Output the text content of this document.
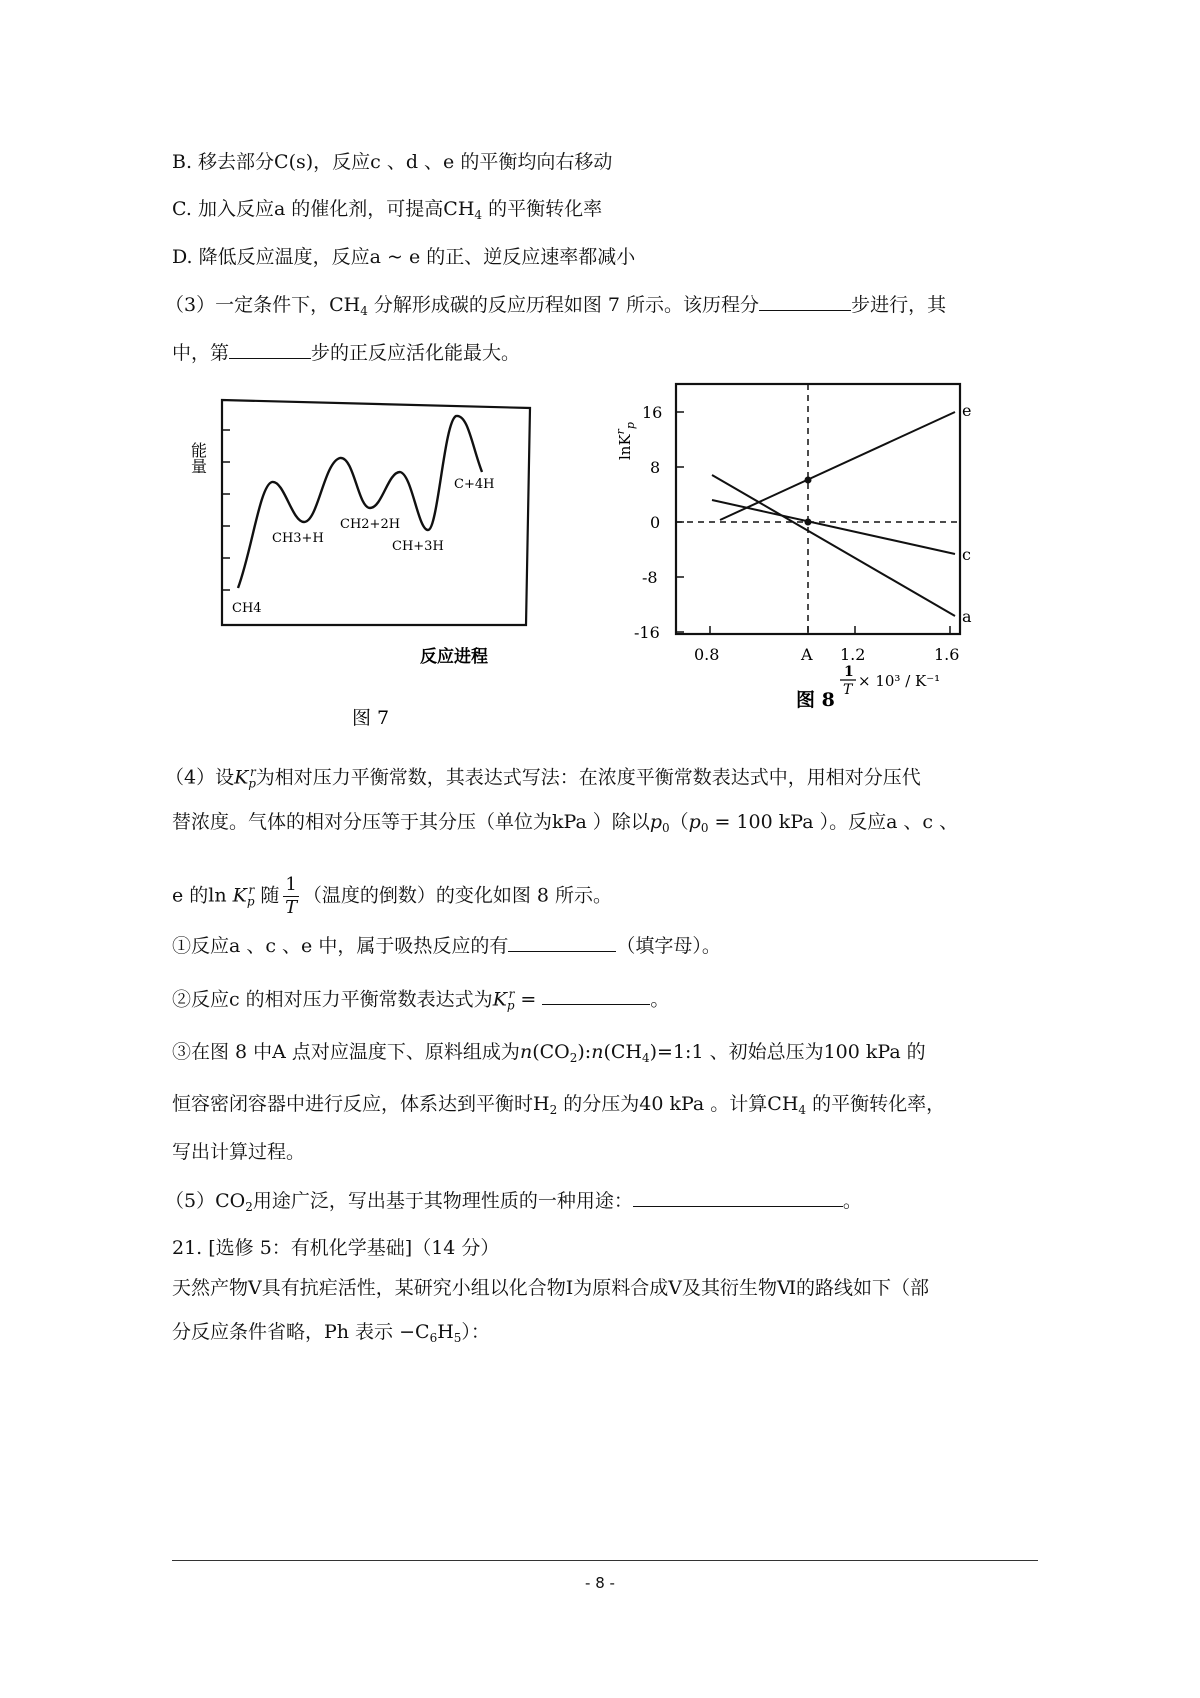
B. 移去部分C(s)，反应c 、d 、e 的平衡均向右移动
C. 加入反应a 的催化剂，可提高$CH_4$ 的平衡转化率
D. 降低反应温度，反应a ~ e 的正、逆反应速率都减小
（3）一定条件下，$CH_4$ 分解形成碳的反应历程如图 7 所示。该历程分	步进行，其
中，第	步的正反应活化能最大。
能量
CH4
CH3+H
CH2+2H
CH+3H
C+4H
反应进程
图 7
e
c
a
16
8
0
-8
-16
lnK$^r_p$
0.8	A 1.2	1.6
1
T × 10³ / K⁻¹
图 8
（4）设$K_p^r$为相对压力平衡常数，其表达式写法：在浓度平衡常数表达式中，用相对分压代
替浓度。气体的相对分压等于其分压（单位为kPa ）除以$p_0(p_0 = 100$ kPa ）。反应a 、c 、
e 的$\ln K_p^r$ 随 $\frac{1}{T}$ （温度的倒数）的变化如图 8 所示。
①反应a 、c 、e 中，属于吸热反应的有	（填字母）。
②反应c 的相对压力平衡常数表达式为$K_p^r$ =	。
③在图 8 中A 点对应温度下、原料组成为$n(CO_2):n(CH_4)=1:1$ 、初始总压为100 kPa 的
恒容密闭容器中进行反应，体系达到平衡时$H_2$ 的分压为40 kPa 。计算$CH_4$ 的平衡转化率，
写出计算过程。
$(5)CO_2$用途广泛，写出基于其物理性质的一种用途：	。
21. [选修 5：有机化学基础]（14 分）
天然产物Ⅴ具有抗疟活性，某研究小组以化合物Ⅰ为原料合成Ⅴ及其衍生物Ⅵ的路线如下（部
分反应条件省略，Ph 表示 $-C_6H_5$）：
- 8 -
